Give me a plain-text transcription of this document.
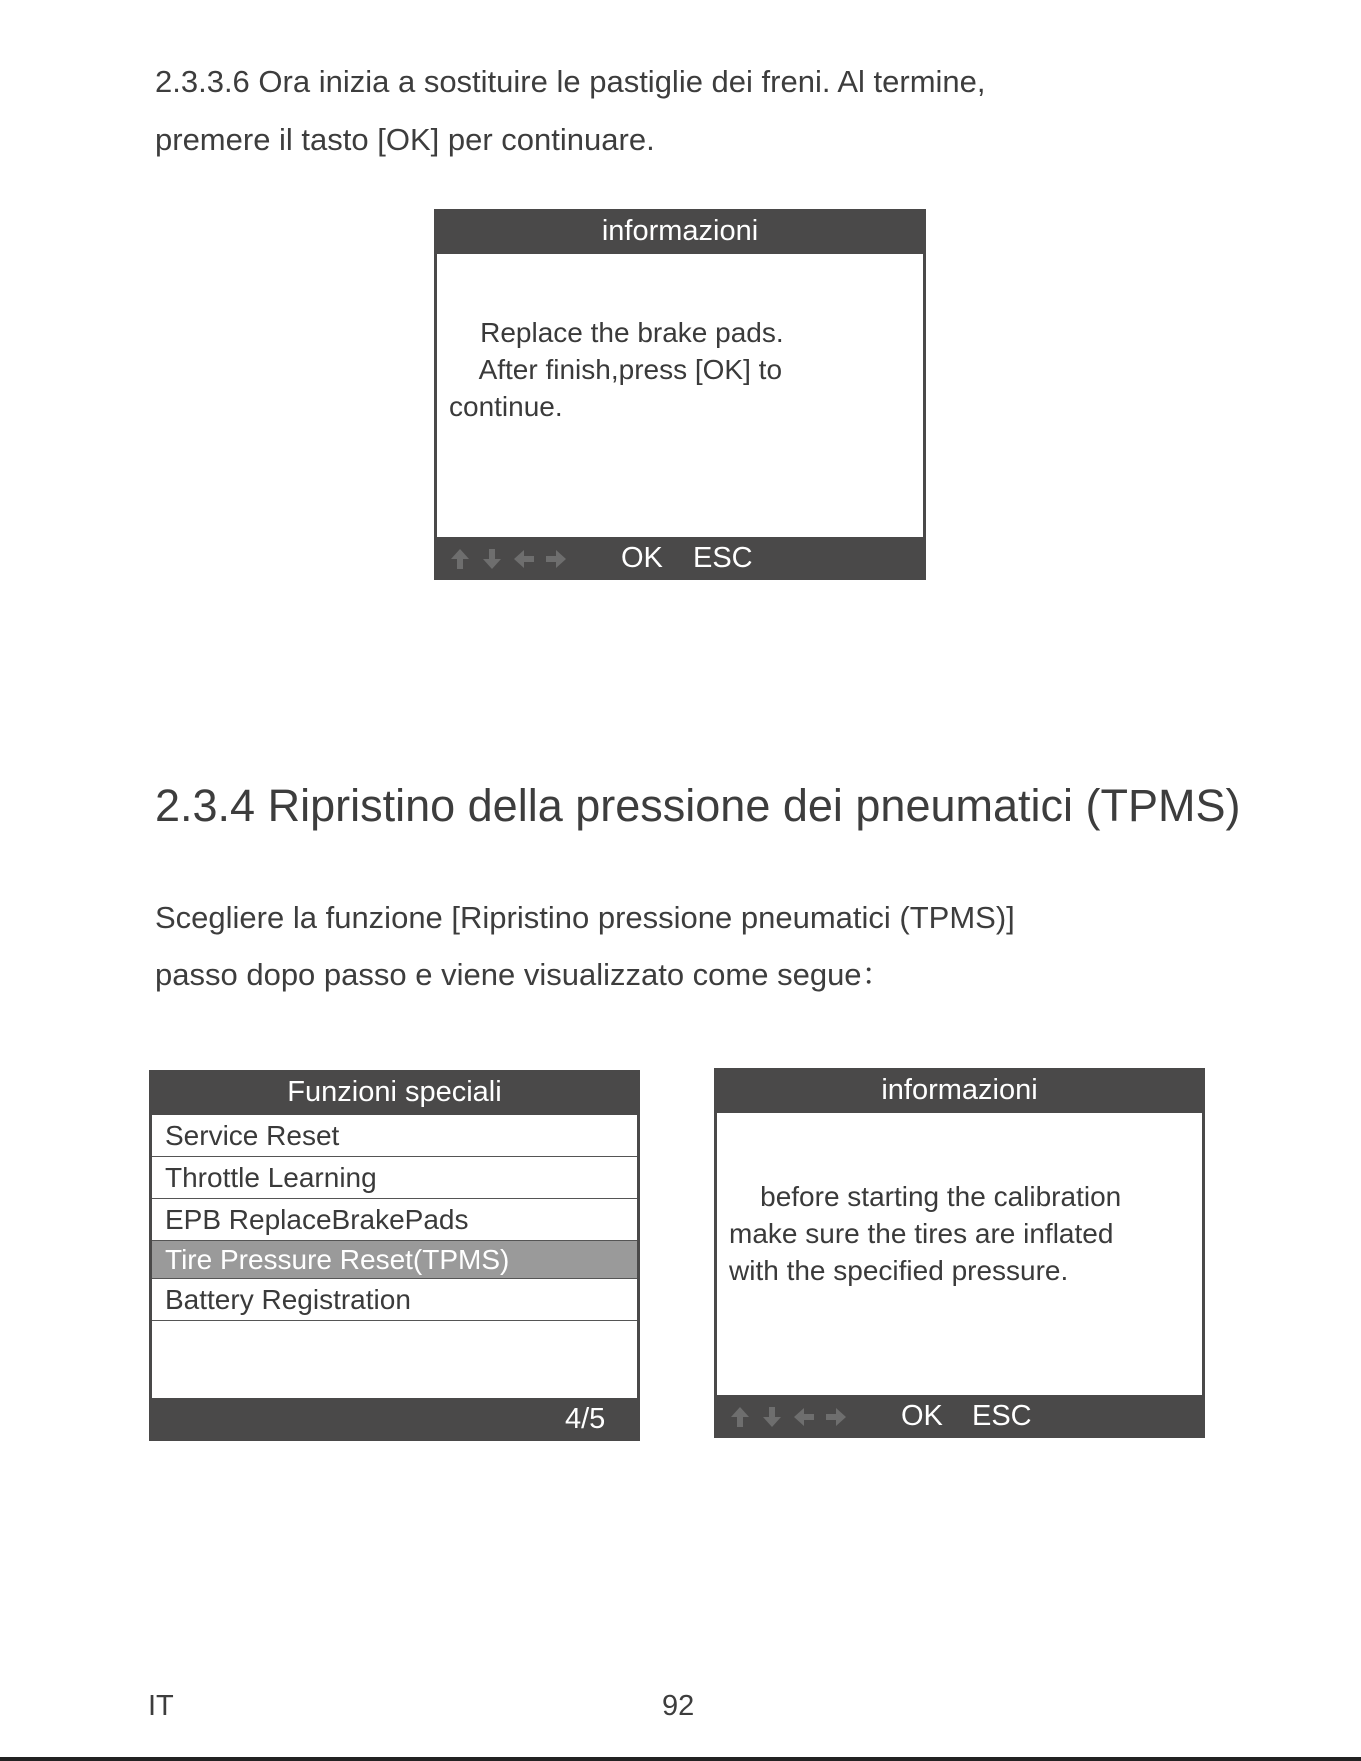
2.3.3.6 Ora inizia a sostituire le pastiglie dei freni. Al termine,

premere il tasto [OK] per continuare.

informazioni

Replace the brake pads.
After finish,press [OK] to
continue.

OK ESC
2.3.4 Ripristino della pressione dei pneumatici (TPMS)

Scegliere la funzione [Ripristino pressione pneumatici (TPMS)]

passo dopo passo e viene visualizzato come segue：

Funzioni speciali
Service Reset
Throttle Learning
EPB ReplaceBrakePads
Tire Pressure Reset(TPMS)
Battery Registration
4/5
informazioni

before starting the calibration
make sure the tires are inflated
with the specified pressure.

OK ESC
IT	92
